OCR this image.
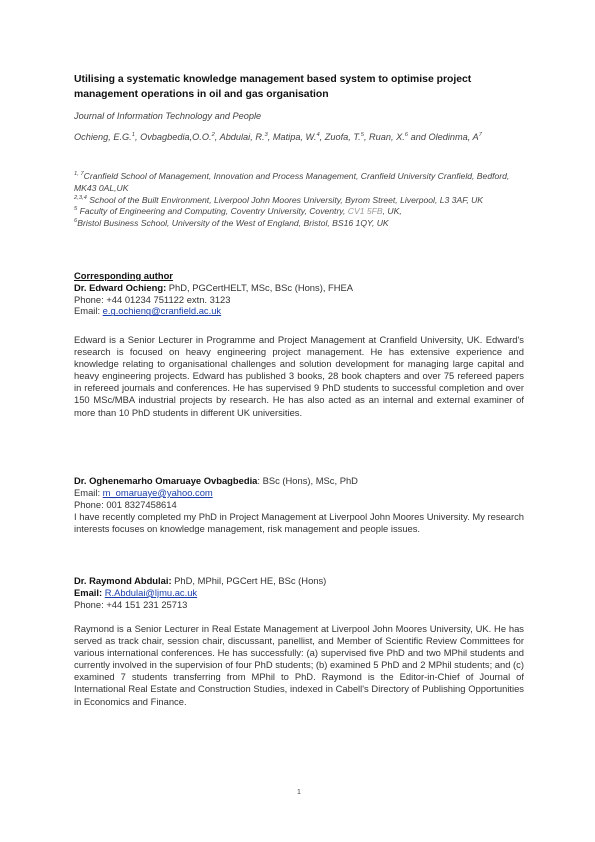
Utilising a systematic knowledge management based system to optimise project management operations in oil and gas organisation
Journal of Information Technology and People
Ochieng, E.G.$^1$, Ovbagbedia,O.O.$^2$, Abdulai, R.$^3$, Matipa, W.$^4$, Zuofa, T.$^5$, Ruan, X.$^6$ and Oledinma, $A^7$
$^{1, 7}$Cranfield School of Management, Innovation and Process Management, Cranfield University Cranfield, Bedford, MK43 0AL,UK
$^{2,3,4}$ School of the Built Environment, Liverpool John Moores University, Byrom Street, Liverpool, L3 3AF, UK
$^5$ Faculty of Engineering and Computing, Coventry University, Coventry, CV1 5FB, UK,
$^6$Bristol Business School, University of the West of England, Bristol, BS16 1QY, UK
Corresponding author
Dr. Edward Ochieng: PhD, PGCertHELT, MSc, BSc (Hons), FHEA
Phone: +44 01234 751122 extn. 3123
Email: e.g.ochieng@cranfield.ac.uk
Edward is a Senior Lecturer in Programme and Project Management at Cranfield University, UK. Edward's research is focused on heavy engineering project management. He has extensive experience and knowledge relating to organisational challenges and solution development for managing large capital and heavy engineering projects. Edward has published 3 books, 28 book chapters and over 75 refereed papers in refereed journals and conferences. He has supervised 9 PhD students to successful completion and over 150 MSc/MBA industrial projects by research. He has also acted as an internal and external examiner of more than 10 PhD students in different UK universities.
Dr. Oghenemarho Omaruaye Ovbagbedia: BSc (Hons), MSc, PhD
Email: m_omaruaye@yahoo.com
Phone: 001 8327458614
I have recently completed my PhD in Project Management at Liverpool John Moores University. My research interests focuses on knowledge management, risk management and people issues.
Dr. Raymond Abdulai: PhD, MPhil, PGCert HE, BSc (Hons)
Email: R.Abdulai@ljmu.ac.uk
Phone: +44 151 231 25713
Raymond is a Senior Lecturer in Real Estate Management at Liverpool John Moores University, UK. He has served as track chair, session chair, discussant, panellist, and Member of Scientific Review Committees for various international conferences. He has successfully: (a) supervised five PhD and two MPhil students and currently involved in the supervision of four PhD students; (b) examined 5 PhD and 2 MPhil students; and (c) examined 7 students transferring from MPhil to PhD. Raymond is the Editor-in-Chief of Journal of International Real Estate and Construction Studies, indexed in Cabell's Directory of Publishing Opportunities in Economics and Finance.
1
